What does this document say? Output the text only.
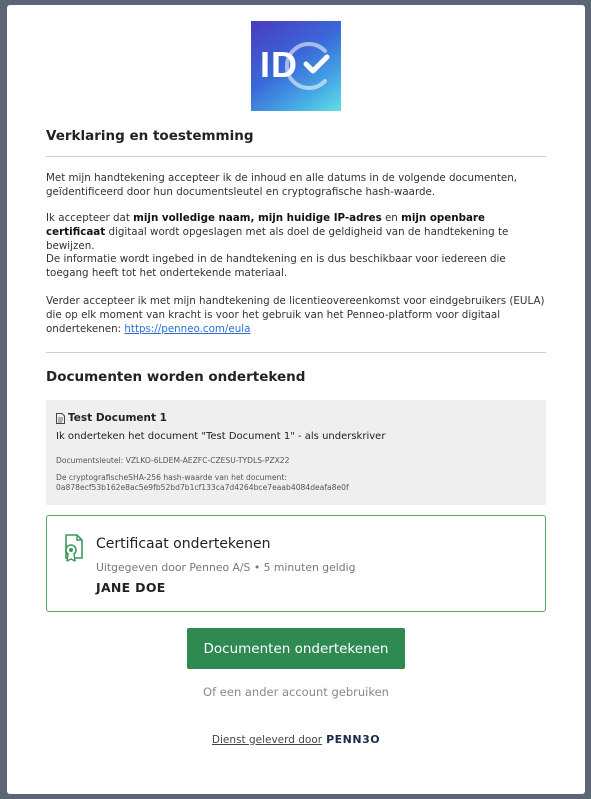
ID
Verklaring en toestemming

Met mijn handtekening accepteer ik de inhoud en alle datums in de volgende documenten, geïdentificeerd door hun documentsleutel en cryptografische hash-waarde.

Ik accepteer dat mijn volledige naam, mijn huidige IP-adres en mijn openbare certificaat digitaal wordt opgeslagen met als doel de geldigheid van de handtekening te bewijzen.

De informatie wordt ingebed in de handtekening en is dus beschikbaar voor iedereen die toegang heeft tot het ondertekende materiaal.

Verder accepteer ik met mijn handtekening de licentieovereenkomst voor eindgebruikers (EULA) die op elk moment van kracht is voor het gebruik van het Penneo-platform voor digitaal ondertekenen: https://penneo.com/eula

Documenten worden ondertekend
Test Document 1
Ik onderteken het document "Test Document 1" - als underskriver
Documentsleutel: VZLKO-6LDEM-AEZFC-CZESU-TYDLS-PZX22
De cryptografischeSHA-256 hash-waarde van het document:
0a878ecf53b162e8ac5e9fb52bd7b1cf133ca7d4264bce7eaab4084deafa8e0f
Certificaat ondertekenen
Uitgegeven door Penneo A/S • 5 minuten geldig
JANE DOE
Documenten ondertekenen
Of een ander account gebruiken
Dienst geleverd door PENN3O
